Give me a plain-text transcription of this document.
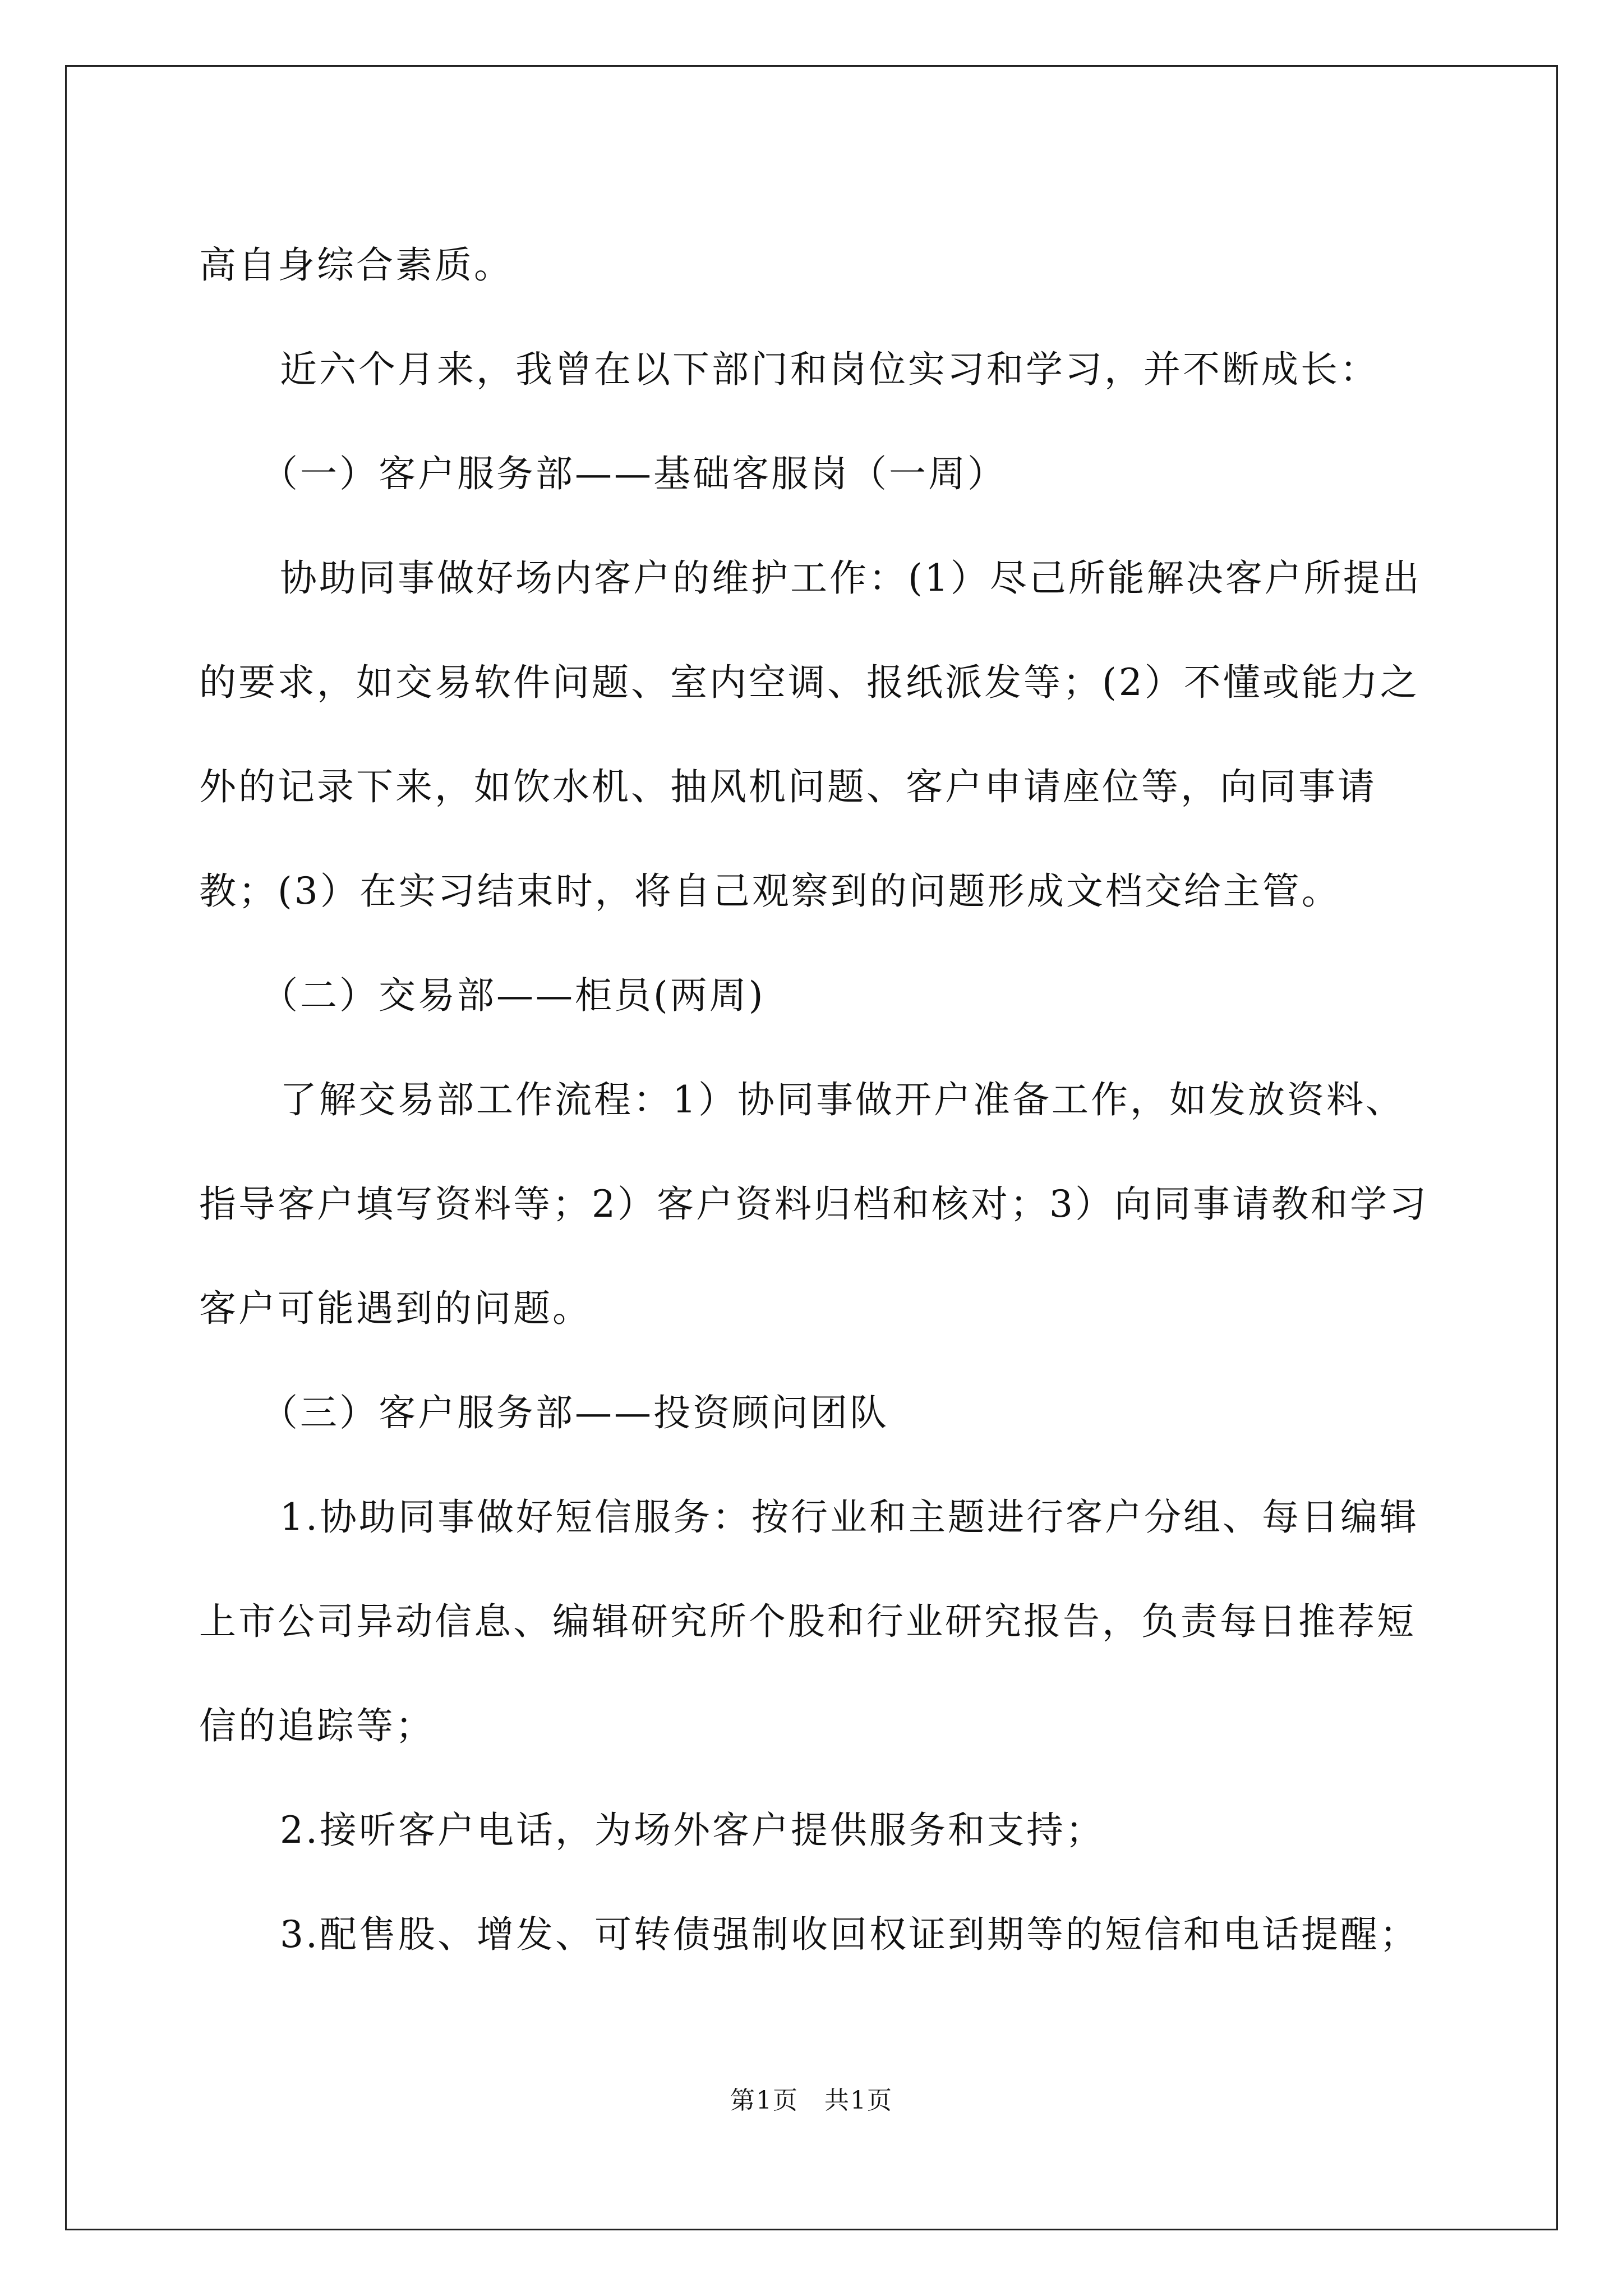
高自身综合素质。

近六个月来，我曾在以下部门和岗位实习和学习，并不断成长：

（一）客户服务部——基础客服岗（一周）

协助同事做好场内客户的维护工作：(1）尽己所能解决客户所提出的要求，如交易软件问题、室内空调、报纸派发等；(2）不懂或能力之外的记录下来，如饮水机、抽风机问题、客户申请座位等，向同事请教；(3）在实习结束时，将自己观察到的问题形成文档交给主管。

（二）交易部——柜员(两周)

了解交易部工作流程：1）协同事做开户准备工作，如发放资料、指导客户填写资料等；2）客户资料归档和核对；3）向同事请教和学习客户可能遇到的问题。

（三）客户服务部——投资顾问团队

1.协助同事做好短信服务：按行业和主题进行客户分组、每日编辑上市公司异动信息、编辑研究所个股和行业研究报告，负责每日推荐短信的追踪等；

2.接听客户电话，为场外客户提供服务和支持；

3.配售股、增发、可转债强制收回权证到期等的短信和电话提醒；

第1页　共1页
